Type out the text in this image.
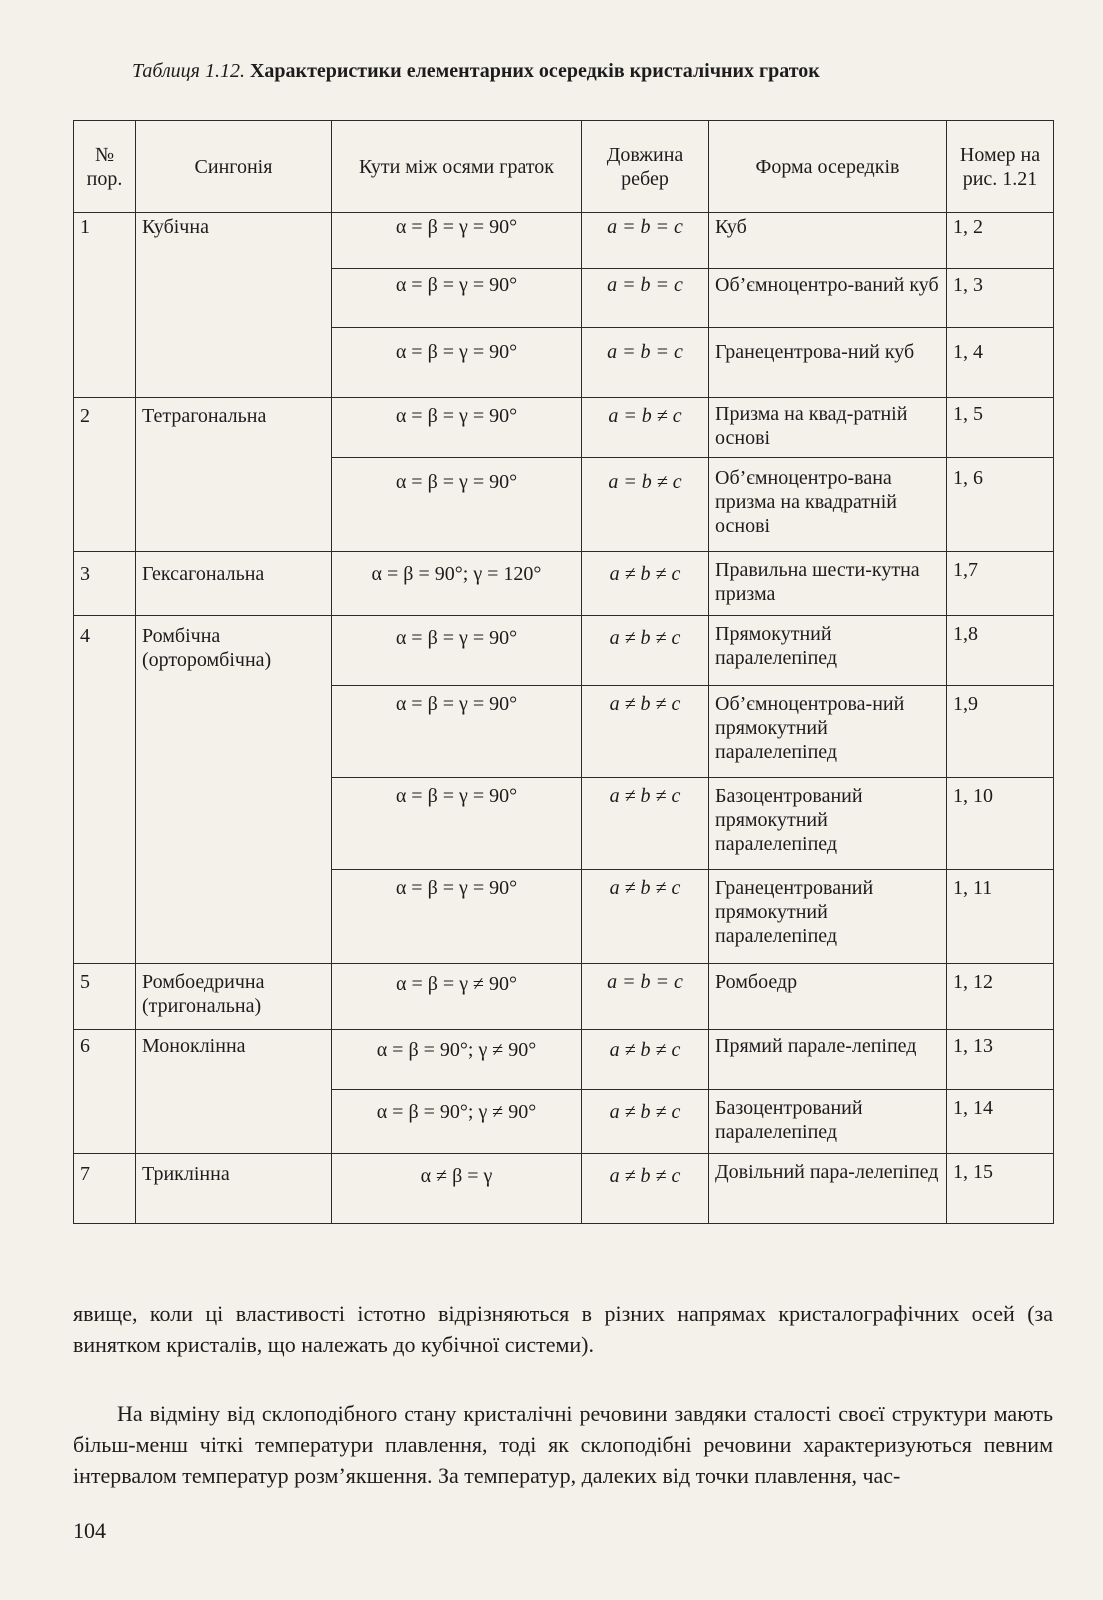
Таблиця 1.12. Характеристики елементарних осередків кристалічних граток
№ пор.	Сингонія	Кути між осями граток	Довжина ребер	Форма осередків	Номер на рис. 1.21
1	Кубічна	α = β = γ = 90°	a = b = c	Куб	1, 2
		α = β = γ = 90°	a = b = c	Об’ємноцентро-ваний куб	1, 3
		α = β = γ = 90°	a = b = c	Гранецентрова-ний куб	1, 4
2	Тетрагональна	α = β = γ = 90°	a = b ≠ c	Призма на квад-ратній основі	1, 5
		α = β = γ = 90°	a = b ≠ c	Об’ємноцентро-вана призма на квадратній основі	1, 6
3	Гексагональна	α = β = 90°; γ = 120°	a ≠ b ≠ c	Правильна шести-кутна призма	1,7
4	Ромбічна (орторомбічна)	α = β = γ = 90°	a ≠ b ≠ c	Прямокутний паралелепіпед	1,8
		α = β = γ = 90°	a ≠ b ≠ c	Об’ємноцентрова-ний прямокутний паралелепіпед	1,9
		α = β = γ = 90°	a ≠ b ≠ c	Базоцентрований прямокутний паралелепіпед	1, 10
		α = β = γ = 90°	a ≠ b ≠ c	Гранецентрований прямокутний паралелепіпед	1, 11
5	Ромбоедрична (тригональна)	α = β = γ ≠ 90°	a = b = c	Ромбоедр	1, 12
6	Моноклінна	α = β = 90°; γ ≠ 90°	a ≠ b ≠ c	Прямий парале-лепіпед	1, 13
		α = β = 90°; γ ≠ 90°	a ≠ b ≠ c	Базоцентрований паралелепіпед	1, 14
7	Триклінна	α ≠ β = γ	a ≠ b ≠ c	Довільний пара-лелепіпед	1, 15

явище, коли ці властивості істотно відрізняються в різних напрямах кристалографічних осей (за винятком кристалів, що належать до кубічної системи).

На відміну від склоподібного стану кристалічні речовини завдяки сталості своєї структури мають більш-менш чіткі температури плавлення, тоді як склоподібні речовини характеризуються певним інтервалом температур розм’якшення. За температур, далеких від точки плавлення, час-

104
